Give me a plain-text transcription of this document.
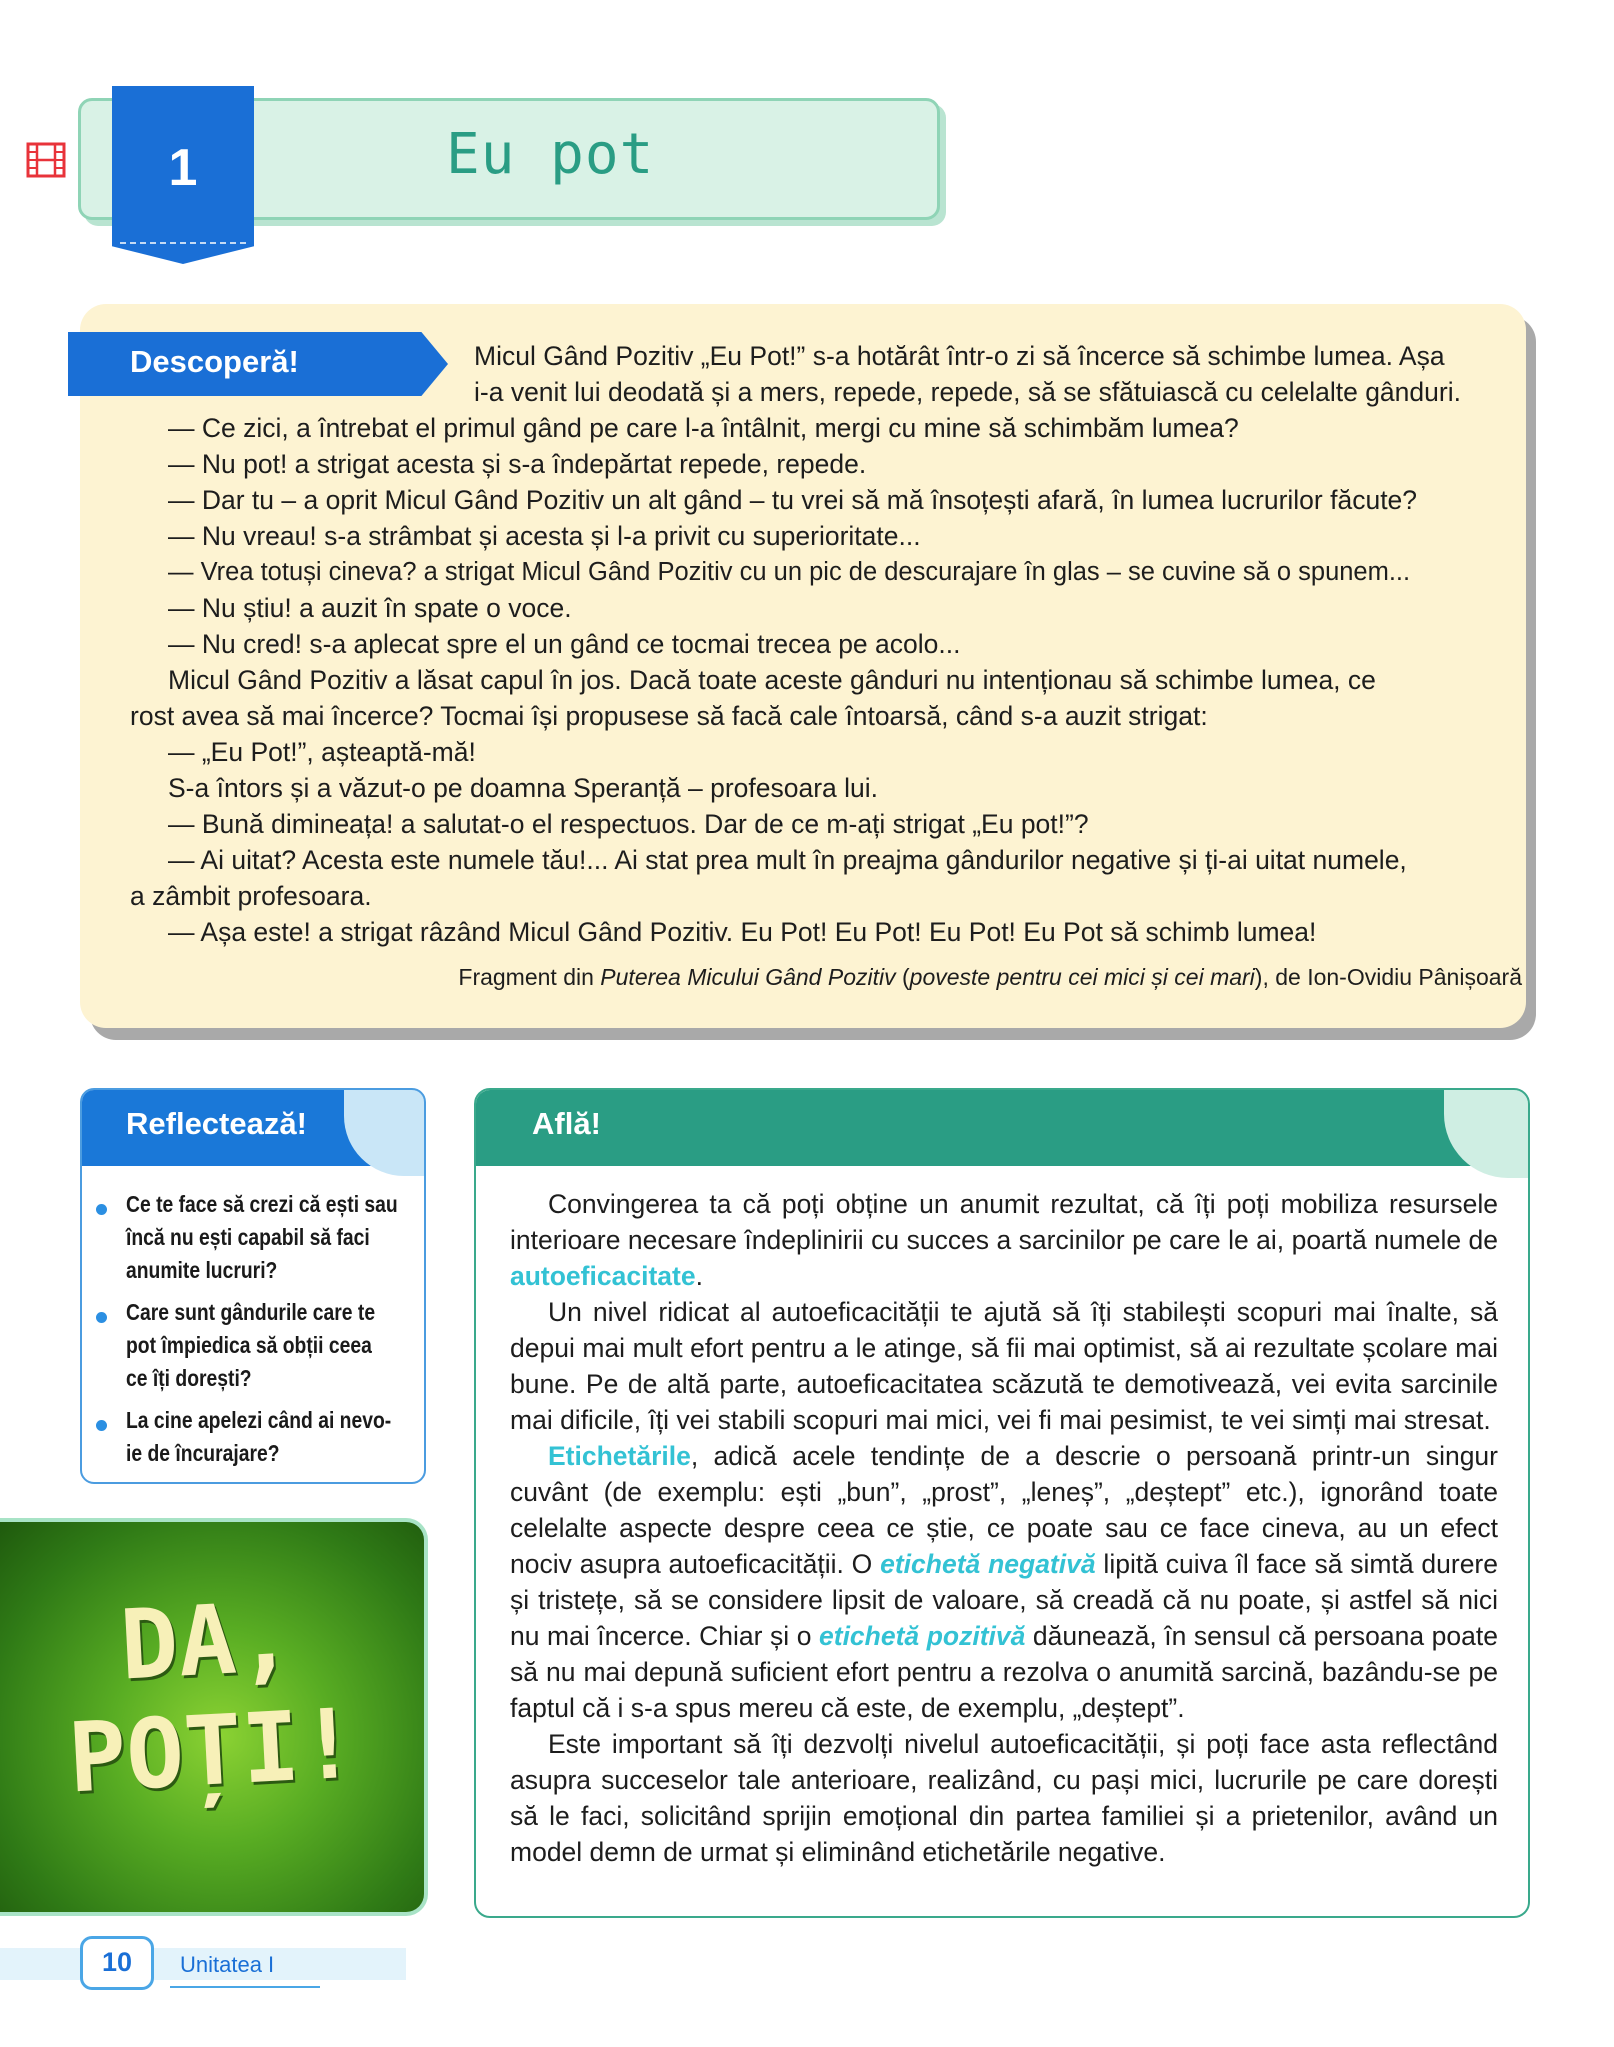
Eu pot
1
Descoperă!	Micul Gând Pozitiv „Eu Pot!” s-a hotărât într-o zi să încerce să schimbe lumea. Așa
i-a venit lui deodată și a mers, repede, repede, să se sfătuiască cu celelalte gânduri.
— Ce zici, a întrebat el primul gând pe care l-a întâlnit, mergi cu mine să schimbăm lumea?
— Nu pot! a strigat acesta și s-a îndepărtat repede, repede.
— Dar tu – a oprit Micul Gând Pozitiv un alt gând – tu vrei să mă însoțești afară, în lumea lucrurilor făcute?
— Nu vreau! s-a strâmbat și acesta și l-a privit cu superioritate...
— Vrea totuși cineva? a strigat Micul Gând Pozitiv cu un pic de descurajare în glas – se cuvine să o spunem...
— Nu știu! a auzit în spate o voce.
— Nu cred! s-a aplecat spre el un gând ce tocmai trecea pe acolo...
Micul Gând Pozitiv a lăsat capul în jos. Dacă toate aceste gânduri nu intenționau să schimbe lumea, ce
rost avea să mai încerce? Tocmai își propusese să facă cale întoarsă, când s-a auzit strigat:
— „Eu Pot!”, așteaptă-mă!
S-a întors și a văzut-o pe doamna Speranță – profesoara lui.
— Bună dimineața! a salutat-o el respectuos. Dar de ce m-ați strigat „Eu pot!”?
— Ai uitat? Acesta este numele tău!... Ai stat prea mult în preajma gândurilor negative și ți-ai uitat numele,
a zâmbit profesoara.
— Așa este! a strigat râzând Micul Gând Pozitiv. Eu Pot! Eu Pot! Eu Pot! Eu Pot să schimb lumea!
Fragment din Puterea Micului Gând Pozitiv (poveste pentru cei mici și cei mari), de Ion-Ovidiu Pânișoară
Reflectează!
Ce te face să crezi că ești sau
încă nu ești capabil să faci
anumite lucruri?
Care sunt gândurile care te
pot împiedica să obții ceea
ce îți dorești?
La cine apelezi când ai nevo-
ie de încurajare?
DA,
POȚI!
Află!

Convingerea ta că poți obține un anumit rezultat, că îți poți mobiliza resursele interioare necesare îndeplinirii cu succes a sarcinilor pe care le ai, poartă numele de autoeficacitate.

Un nivel ridicat al autoeficacității te ajută să îți stabilești scopuri mai înalte, să depui mai mult efort pentru a le atinge, să fii mai optimist, să ai rezultate școlare mai bune. Pe de altă parte, autoeficacitatea scăzută te demotivează, vei evita sarcinile mai dificile, îți vei stabili scopuri mai mici, vei fi mai pesimist, te vei simți mai stresat.

Etichetările, adică acele tendințe de a descrie o persoană printr-un singur cuvânt (de exemplu: ești „bun”, „prost”, „leneș”, „deștept” etc.), ignorând toate celelalte aspecte despre ceea ce știe, ce poate sau ce face cineva, au un efect nociv asupra autoeficacității. O etichetă negativă lipită cuiva îl face să simtă durere și tristețe, să se considere lipsit de valoare, să creadă că nu poate, și astfel să nici nu mai încerce. Chiar și o etichetă pozitivă dăunează, în sensul că persoana poate să nu mai depună suficient efort pentru a rezolva o anumită sarcină, bazându-se pe faptul că i s-a spus mereu că este, de exemplu, „deștept”.

Este important să îți dezvolți nivelul autoeficacității, și poți face asta reflectând asupra succeselor tale anterioare, realizând, cu pași mici, lucrurile pe care dorești să le faci, solicitând sprijin emoțional din partea familiei și a prietenilor, având un model demn de urmat și eliminând etichetările negative.

10	Unitatea I
